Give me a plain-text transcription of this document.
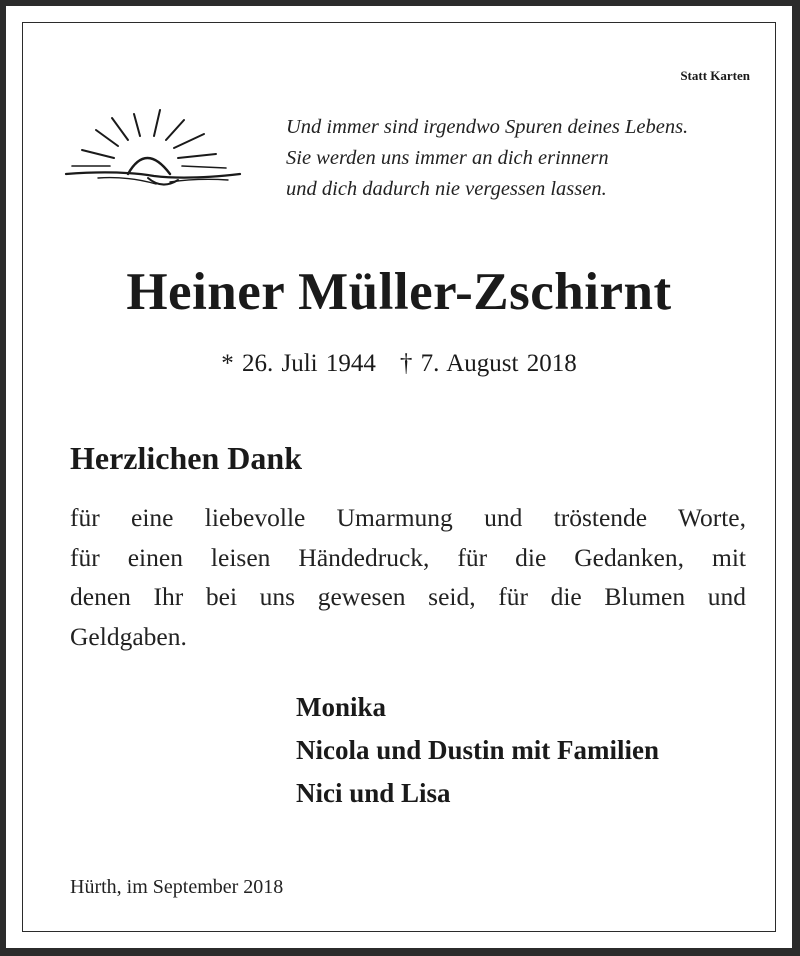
Statt Karten
Und immer sind irgendwo Spuren deines Lebens.
Sie werden uns immer an dich erinnern
und dich dadurch nie vergessen lassen.
Heiner Müller-Zschirnt
* 26. Juli 1944 † 7. August 2018
Herzlichen Dank
für eine liebevolle Umarmung und tröstende Worte,
für einen leisen Händedruck, für die Gedanken, mit
denen Ihr bei uns gewesen seid, für die Blumen und
Geldgaben.
Monika
Nicola und Dustin mit Familien
Nici und Lisa
Hürth, im September 2018
